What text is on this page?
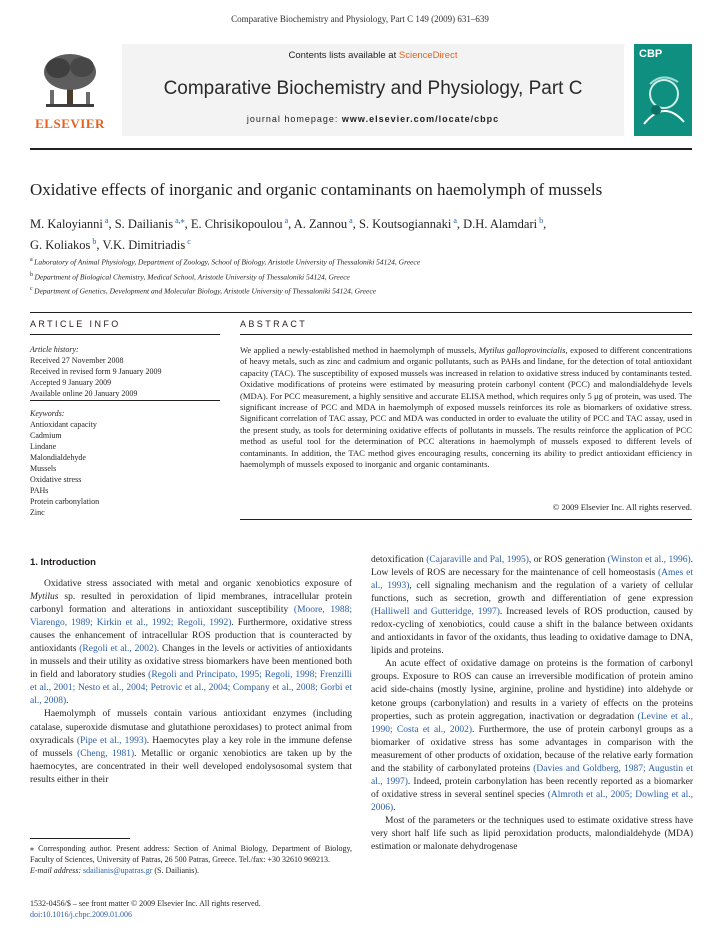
Comparative Biochemistry and Physiology, Part C 149 (2009) 631–639
ELSEVIER
Contents lists available at ScienceDirect
Comparative Biochemistry and Physiology, Part C
journal homepage: www.elsevier.com/locate/cbpc
CBP
Oxidative effects of inorganic and organic contaminants on haemolymph of mussels
M. Kaloyianni $^a$, S. Dailianis $^{a,⁎}$, E. Chrisikopoulou $^a$, A. Zannou $^a$, S. Koutsogiannaki $^a$, D.H. Alamdari $^b$,
G. Koliakos $^b$, V.K. Dimitriadis $^c$
$^a$ Laboratory of Animal Physiology, Department of Zoology, School of Biology, Aristotle University of Thessaloniki 54124, Greece
$^b$ Department of Biological Chemistry, Medical School, Aristotle University of Thessaloniki 54124, Greece
$^c$ Department of Genetics, Development and Molecular Biology, Aristotle University of Thessaloniki 54124, Greece
ARTICLE INFO	ABSTRACT
Article history:
Received 27 November 2008
Received in revised form 9 January 2009
Accepted 9 January 2009
Available online 20 January 2009
Keywords:
Antioxidant capacity
Cadmium
Lindane
Malondialdehyde
Mussels
Oxidative stress
PAHs
Protein carbonylation
Zinc
We applied a newly-established method in haemolymph of mussels, Mytilus galloprovincialis, exposed to different concentrations of heavy metals, such as zinc and cadmium and organic pollutants, such as PAHs and lindane, for the detection of total antioxidant capacity (TAC). The susceptibility of exposed mussels was increased in relation to oxidative stress induced by contaminants tested. Oxidative modifications of proteins were estimated by measuring protein carbonyl content (PCC) and malondialdehyde levels (MDA). For PCC measurement, a highly sensitive and accurate ELISA method, which requires only 5 μg of protein, was used. The significant increase of PCC and MDA in haemolymph of exposed mussels reinforces its role as biomarkers of oxidative stress. Significant correlation of TAC assay, PCC and MDA was conducted in order to evaluate the utility of PCC and TAC assay, used in the present study, as tools for determining oxidative effects of pollutants in mussels. The results reinforce the application of PCC method as useful tool for the determination of PCC alterations in haemolymph of mussels exposed to different levels of contaminants. In addition, the TAC method gives encouraging results, concerning its ability to predict antioxidant efficiency in haemolymph of mussels exposed to inorganic and organic contaminants.
© 2009 Elsevier Inc. All rights reserved.
1. Introduction

Oxidative stress associated with metal and organic xenobiotics exposure of Mytilus sp. resulted in peroxidation of lipid membranes, intracellular protein carbonyl formation and alterations in antioxidant susceptibility (Moore, 1988; Viarengo, 1989; Kirkin et al., 1992; Regoli, 1992). Furthermore, oxidative stress causes the enhancement of intracellular ROS production that is counteracted by antioxidants (Regoli et al., 2002). Changes in the levels or activities of antioxidants in mussels and their utility as oxidative stress biomarkers have been mentioned both in field and laboratory studies (Regoli and Principato, 1995; Regoli, 1998; Frenzilli et al., 2001; Nesto et al., 2004; Petrovic et al., 2004; Company et al., 2008; Gorbi et al., 2008).

Haemolymph of mussels contain various antioxidant enzymes (including catalase, superoxide dismutase and glutathione peroxidases) to protect animal from oxyradicals (Pipe et al., 1993). Haemocytes play a key role in the immune defense of mussels (Cheng, 1981). Metallic or organic xenobiotics are taken up by the haemocytes, are concentrated in their well developed endolysosomal system that results either in their

detoxification (Cajaraville and Pal, 1995), or ROS generation (Winston et al., 1996). Low levels of ROS are necessary for the maintenance of cell homeostasis (Ames et al., 1993), cell signaling mechanism and the regulation of a variety of cellular functions, such as secretion, growth and differentiation of gene expression (Halliwell and Gutteridge, 1997). Increased levels of ROS production, caused by redox-cycling of xenobiotics, could cause a shift in the balance between oxidants and antioxidants in favor of the oxidants, thus leading to oxidative damage to DNA, lipids and proteins.

An acute effect of oxidative damage on proteins is the formation of carbonyl groups. Exposure to ROS can cause an irreversible modification of protein amino acid side-chains (mostly lysine, arginine, proline and hystidine) into aldehyde or ketone groups (carbonylation) and results in a variety of effects on the proteins properties, such as protein aggregation, inactivation or degradation (Levine et al., 1990; Costa et al., 2002). Furthermore, the use of protein carbonyl groups as a biomarker of oxidative stress has some advantages in comparison with the measurement of other products of oxidation, because of the relative early formation and the stability of carbonylated proteins (Davies and Goldberg, 1987; Augustin et al., 1997). Indeed, protein carbonylation has been recently reported as a biomarker of oxidative stress in several sentinel species (Almroth et al., 2005; Dowling et al., 2006).

Most of the parameters or the techniques used to estimate oxidative stress have very short half life such as lipid peroxidation products, malondialdehyde (MDA) estimation or malonate dehydrogenase

⁎ Corresponding author. Present address: Section of Animal Biology, Department of Biology, Faculty of Sciences, University of Patras, 26 500 Patras, Greece. Tel./fax: +30 32610 969213.
E-mail address: sdailianis@upatras.gr (S. Dailianis).
1532-0456/$ – see front matter © 2009 Elsevier Inc. All rights reserved.
doi:10.1016/j.cbpc.2009.01.006
